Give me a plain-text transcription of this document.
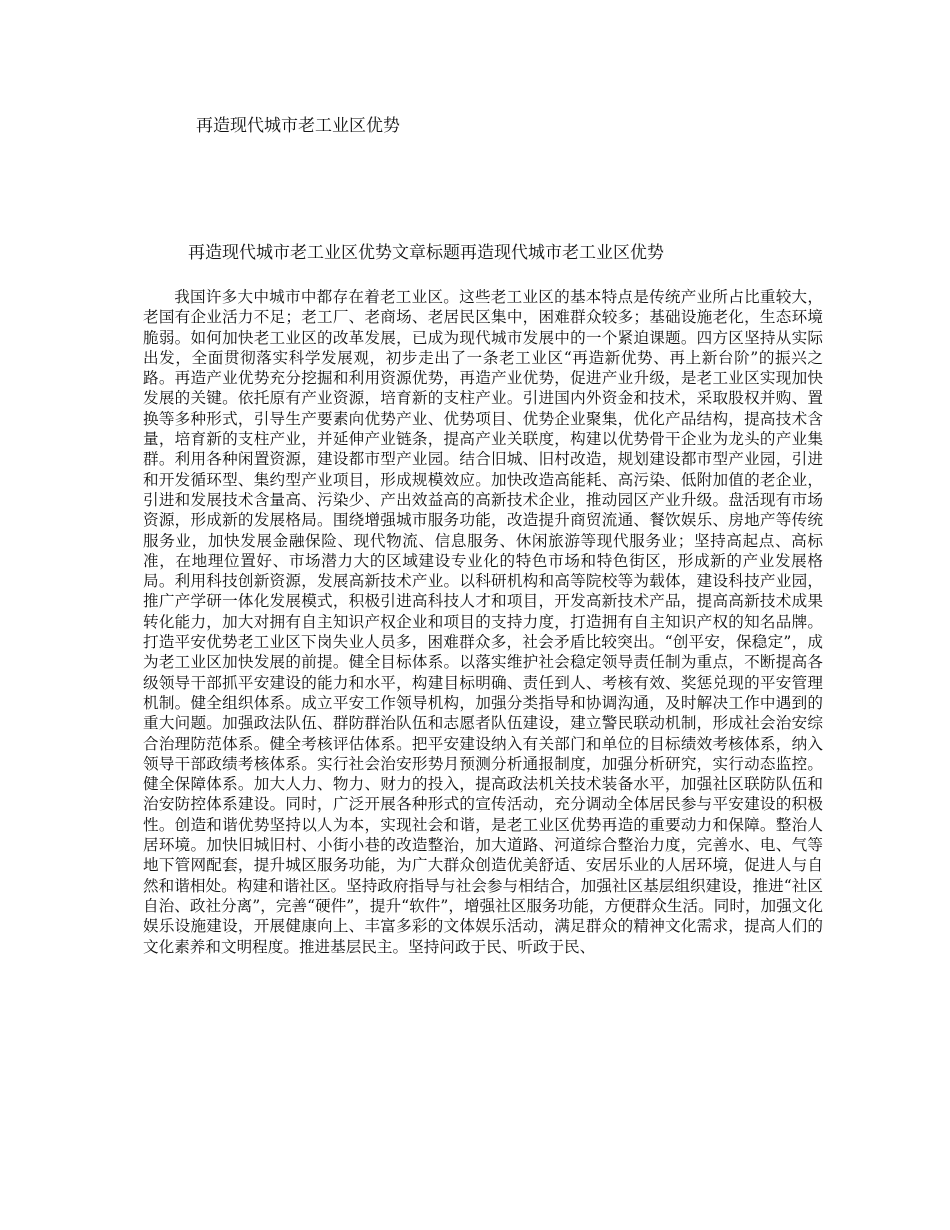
再造现代城市老工业区优势
再造现代城市老工业区优势文章标题再造现代城市老工业区优势

我国许多大中城市中都存在着老工业区。这些老工业区的基本特点是传统产业所占比重较大，老国有企业活力不足；老工厂、老商场、老居民区集中，困难群众较多；基础设施老化，生态环境脆弱。如何加快老工业区的改革发展，已成为现代城市发展中的一个紧迫课题。四方区坚持从实际出发，全面贯彻落实科学发展观，初步走出了一条老工业区“再造新优势、再上新台阶”的振兴之路。再造产业优势充分挖掘和利用资源优势，再造产业优势，促进产业升级，是老工业区实现加快发展的关键。依托原有产业资源，培育新的支柱产业。引进国内外资金和技术，采取股权并购、置换等多种形式，引导生产要素向优势产业、优势项目、优势企业聚集，优化产品结构，提高技术含量，培育新的支柱产业，并延伸产业链条，提高产业关联度，构建以优势骨干企业为龙头的产业集群。利用各种闲置资源，建设都市型产业园。结合旧城、旧村改造，规划建设都市型产业园，引进和开发循环型、集约型产业项目，形成规模效应。加快改造高能耗、高污染、低附加值的老企业，引进和发展技术含量高、污染少、产出效益高的高新技术企业，推动园区产业升级。盘活现有市场资源，形成新的发展格局。围绕增强城市服务功能，改造提升商贸流通、餐饮娱乐、房地产等传统服务业，加快发展金融保险、现代物流、信息服务、休闲旅游等现代服务业；坚持高起点、高标准，在地理位置好、市场潜力大的区域建设专业化的特色市场和特色街区，形成新的产业发展格局。利用科技创新资源，发展高新技术产业。以科研机构和高等院校等为载体，建设科技产业园，推广产学研一体化发展模式，积极引进高科技人才和项目，开发高新技术产品，提高高新技术成果转化能力，加大对拥有自主知识产权企业和项目的支持力度，打造拥有自主知识产权的知名品牌。打造平安优势老工业区下岗失业人员多，困难群众多，社会矛盾比较突出。“创平安，保稳定”，成为老工业区加快发展的前提。健全目标体系。以落实维护社会稳定领导责任制为重点，不断提高各级领导干部抓平安建设的能力和水平，构建目标明确、责任到人、考核有效、奖惩兑现的平安管理机制。健全组织体系。成立平安工作领导机构，加强分类指导和协调沟通，及时解决工作中遇到的重大问题。加强政法队伍、群防群治队伍和志愿者队伍建设，建立警民联动机制，形成社会治安综合治理防范体系。健全考核评估体系。把平安建设纳入有关部门和单位的目标绩效考核体系，纳入领导干部政绩考核体系。实行社会治安形势月预测分析通报制度，加强分析研究，实行动态监控。健全保障体系。加大人力、物力、财力的投入，提高政法机关技术装备水平，加强社区联防队伍和治安防控体系建设。同时，广泛开展各种形式的宣传活动，充分调动全体居民参与平安建设的积极性。创造和谐优势坚持以人为本，实现社会和谐，是老工业区优势再造的重要动力和保障。整治人居环境。加快旧城旧村、小街小巷的改造整治，加大道路、河道综合整治力度，完善水、电、气等地下管网配套，提升城区服务功能，为广大群众创造优美舒适、安居乐业的人居环境，促进人与自然和谐相处。构建和谐社区。坚持政府指导与社会参与相结合，加强社区基层组织建设，推进“社区自治、政社分离”，完善“硬件”，提升“软件”，增强社区服务功能，方便群众生活。同时，加强文化娱乐设施建设，开展健康向上、丰富多彩的文体娱乐活动，满足群众的精神文化需求，提高人们的文化素养和文明程度。推进基层民主。坚持问政于民、听政于民、
